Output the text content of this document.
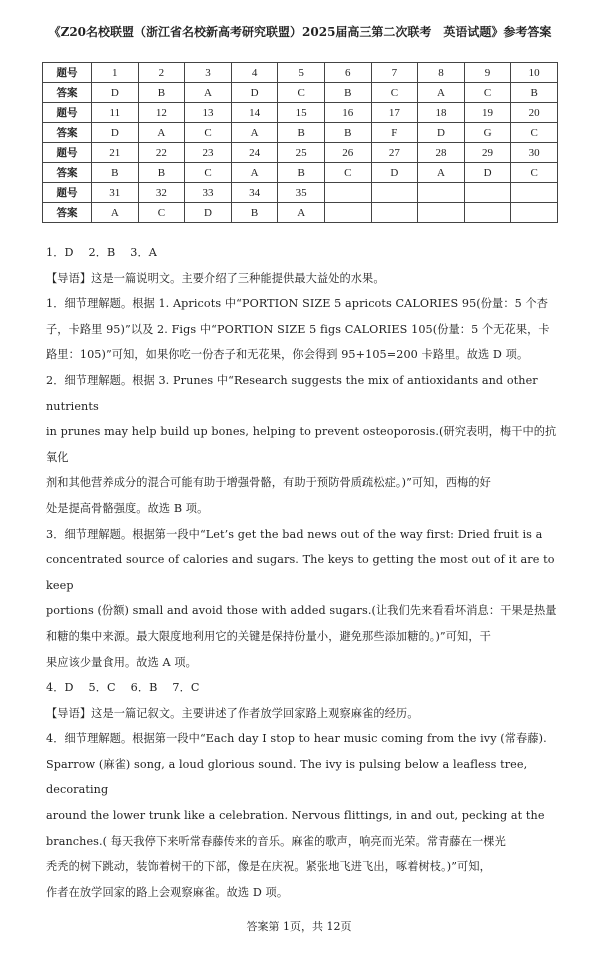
《Z20名校联盟（浙江省名校新高考研究联盟）2025届高三第二次联考　英语试题》参考答案
题号	1	2	3	4	5	6	7	8	9	10
答案	D	B	A	D	C	B	C	A	C	B
题号	11	12	13	14	15	16	17	18	19	20
答案	D	A	C	A	B	B	F	D	G	C
题号	21	22	23	24	25	26	27	28	29	30
答案	B	B	C	A	B	C	D	A	D	C
题号	31	32	33	34	35					
答案	A	C	D	B	A					

1．D　 2．B　 3．A

【导语】这是一篇说明文。主要介绍了三种能提供最大益处的水果。

1．细节理解题。根据 1. Apricots 中“PORTION SIZE 5 apricots CALORIES 95(份量：5 个杏

子，卡路里 95)”以及 2. Figs 中“PORTION SIZE 5 figs CALORIES 105(份量：5 个无花果，卡

路里：105)”可知，如果你吃一份杏子和无花果，你会得到 95+105=200 卡路里。故选 D 项。

2．细节理解题。根据 3. Prunes 中“Research suggests the mix of antioxidants and other nutrients

in prunes may help build up bones, helping to prevent osteoporosis.(研究表明，梅干中的抗氧化

剂和其他营养成分的混合可能有助于增强骨骼，有助于预防骨质疏松症。)”可知，西梅的好

处是提高骨骼强度。故选 B 项。

3．细节理解题。根据第一段中“Let’s get the bad news out of the way first: Dried fruit is a

concentrated source of calories and sugars. The keys to getting the most out of it are to keep

portions (份额) small and avoid those with added sugars.(让我们先来看看坏消息：干果是热量

和糖的集中来源。最大限度地利用它的关键是保持份量小，避免那些添加糖的。)”可知，干

果应该少量食用。故选 A 项。

4．D　 5．C　 6．B　 7．C

【导语】这是一篇记叙文。主要讲述了作者放学回家路上观察麻雀的经历。

4．细节理解题。根据第一段中“Each day I stop to hear music coming from the ivy (常春藤).

Sparrow (麻雀) song, a loud glorious sound. The ivy is pulsing below a leafless tree, decorating

around the lower trunk like a celebration. Nervous flittings, in and out, pecking at the

branches.( 每天我停下来听常春藤传来的音乐。麻雀的歌声，响亮而光荣。常青藤在一棵光

秃秃的树下跳动，装饰着树干的下部，像是在庆祝。紧张地飞进飞出，啄着树枝。)”可知，

作者在放学回家的路上会观察麻雀。故选 D 项。

答案第 1页，共 12页
